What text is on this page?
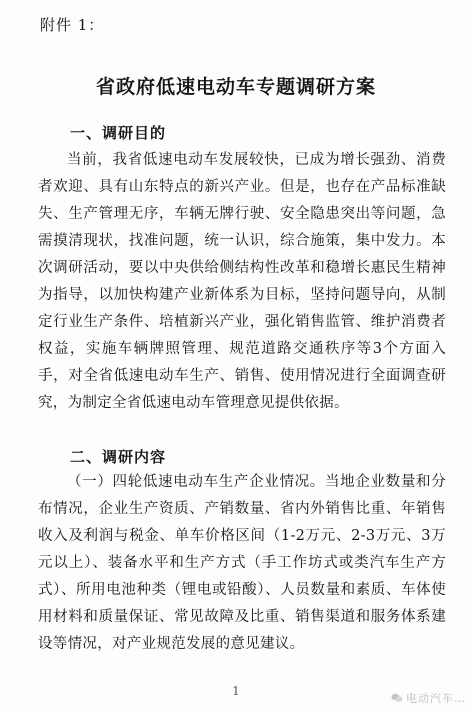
附件 1：
省政府低速电动车专题调研方案
一、调研目的

当前，我省低速电动车发展较快，已成为增长强劲、消费者欢迎、具有山东特点的新兴产业。但是，也存在产品标准缺失、生产管理无序，车辆无牌行驶、安全隐患突出等问题，急需摸清现状，找准问题，统一认识，综合施策，集中发力。本次调研活动，要以中央供给侧结构性改革和稳增长惠民生精神为指导，以加快构建产业新体系为目标，坚持问题导向，从制定行业生产条件、培植新兴产业，强化销售监管、维护消费者权益，实施车辆牌照管理、规范道路交通秩序等3个方面入手，对全省低速电动车生产、销售、使用情况进行全面调查研究，为制定全省低速电动车管理意见提供依据。

二、调研内容

（一）四轮低速电动车生产企业情况。当地企业数量和分布情况，企业生产资质、产销数量、省内外销售比重、年销售收入及利润与税金、单车价格区间（1-2万元、2-3万元、3万元以上）、装备水平和生产方式（手工作坊式或类汽车生产方式）、所用电池种类（锂电或铅酸）、人员数量和素质、车体使用材料和质量保证、常见故障及比重、销售渠道和服务体系建设等情况，对产业规范发展的意见建议。

1
电动汽车…
